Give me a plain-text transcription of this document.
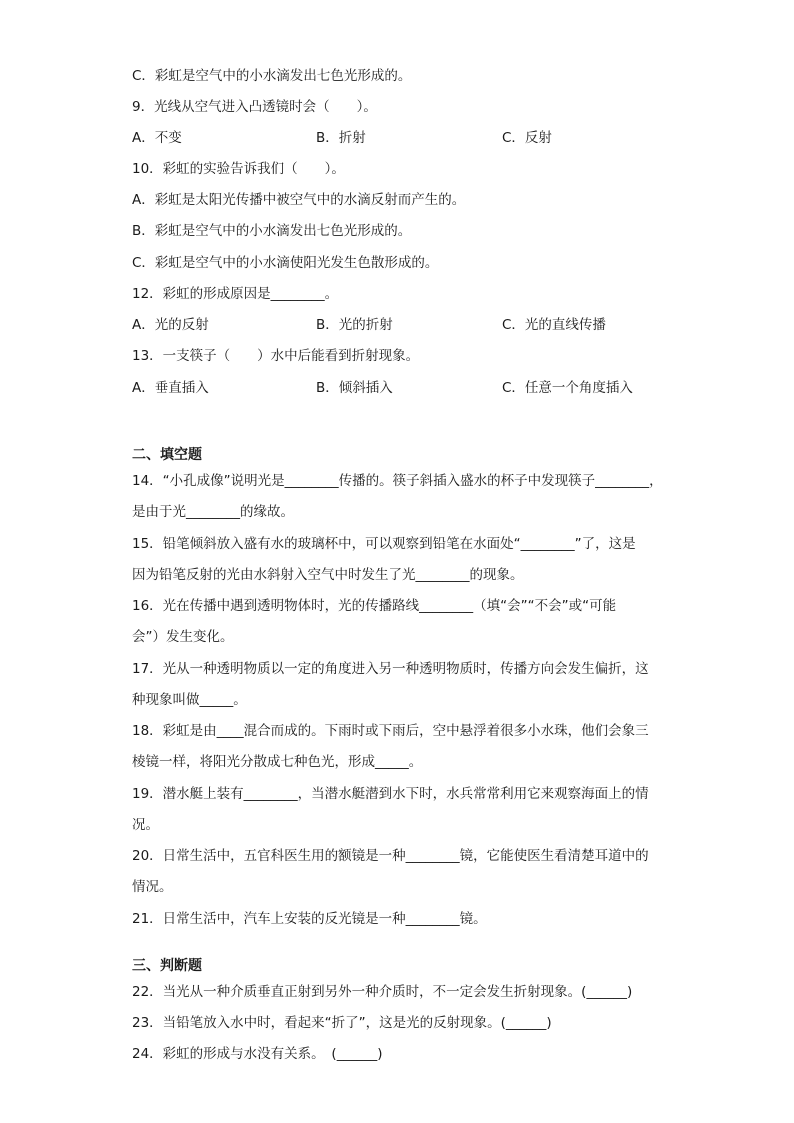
C．彩虹是空气中的小水滴发出七色光形成的。
9．光线从空气进入凸透镜时会（　　）。
A．不变	B．折射	C．反射
10．彩虹的实验告诉我们（　　）。
A．彩虹是太阳光传播中被空气中的水滴反射而产生的。
B．彩虹是空气中的小水滴发出七色光形成的。
C．彩虹是空气中的小水滴使阳光发生色散形成的。
12．彩虹的形成原因是________。
A．光的反射	B．光的折射	C．光的直线传播
13．一支筷子（　　）水中后能看到折射现象。
A．垂直插入	B．倾斜插入	C．任意一个角度插入
二、填空题
14．“小孔成像”说明光是________传播的。筷子斜插入盛水的杯子中发现筷子________，
是由于光________的缘故。
15．铅笔倾斜放入盛有水的玻璃杯中，可以观察到铅笔在水面处“________”了，这是
因为铅笔反射的光由水斜射入空气中时发生了光________的现象。
16．光在传播中遇到透明物体时，光的传播路线________（填“会”“不会”或“可能
会”）发生变化。
17．光从一种透明物质以一定的角度进入另一种透明物质时，传播方向会发生偏折，这
种现象叫做_____。
18．彩虹是由____混合而成的。下雨时或下雨后，空中悬浮着很多小水珠，他们会象三
棱镜一样，将阳光分散成七种色光，形成_____。
19．潜水艇上装有________，当潜水艇潜到水下时，水兵常常利用它来观察海面上的情
况。
20．日常生活中，五官科医生用的额镜是一种________镜，它能使医生看清楚耳道中的
情况。
21．日常生活中，汽车上安装的反光镜是一种________镜。
三、判断题
22．当光从一种介质垂直正射到另外一种介质时，不一定会发生折射现象。(______)
23．当铅笔放入水中时，看起来“折了”，这是光的反射现象。(______)
24．彩虹的形成与水没有关系。　(______)
